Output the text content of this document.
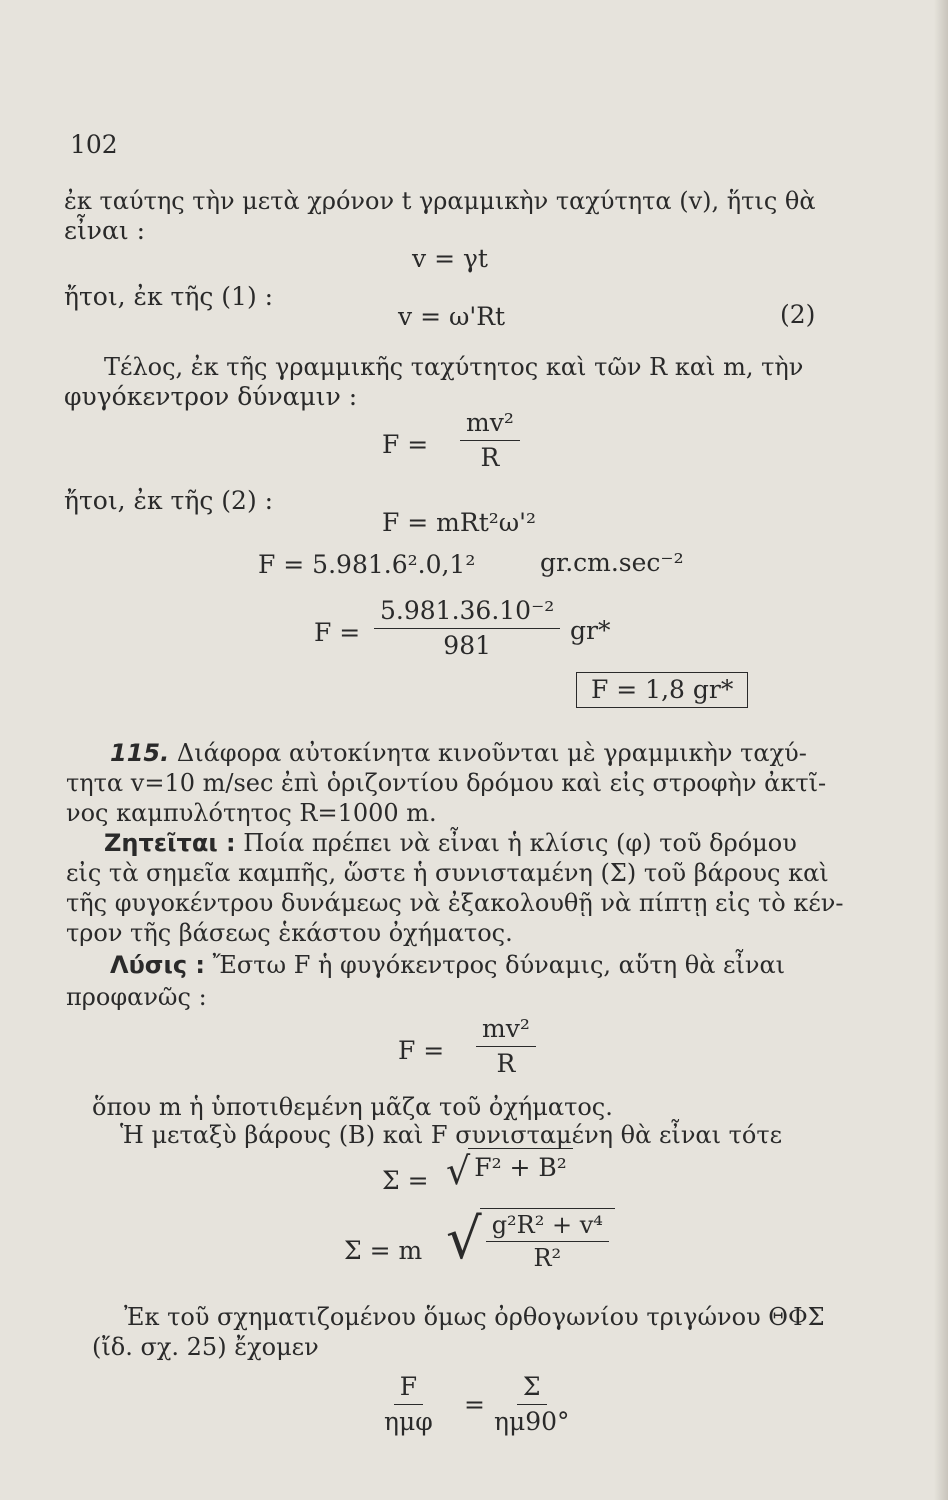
102
ἐκ ταύτης τὴν μετὰ χρόνον t γραμμικὴν ταχύτητα (v), ἥτις θὰ
εἶναι :
v = γt
ἤτοι, ἐκ τῆς (1) :
v = ω'Rt	(2)
Τέλος, ἐκ τῆς γραμμικῆς ταχύτητος καὶ τῶν R καὶ m, τὴν
φυγόκεντρον δύναμιν :
$F = \frac{\text{mv²}}{R}$
ἤτοι, ἐκ τῆς (2) :
F = mRt²ω'²
F = 5.981.6².0,1²	gr.cm.sec⁻²
$F = \frac{\text{5.981.36.10⁻²}}{981} gr*$
F = 1,8 gr*
115. Διάφορα αὐτοκίνητα κινοῦνται μὲ γραμμικὴν ταχύ-
τητα v=10 m/sec ἐπὶ ὁριζοντίου δρόμου καὶ εἰς στροφὴν ἀκτῖ-
νος καμπυλότητος R=1000 m.
Ζητεῖται : Ποία πρέπει νὰ εἶναι ἡ κλίσις (φ) τοῦ δρόμου
εἰς τὰ σημεῖα καμπῆς, ὥστε ἡ συνισταμένη (Σ) τοῦ βάρους καὶ
τῆς φυγοκέντρου δυνάμεως νὰ ἐξακολουθῇ νὰ πίπτῃ εἰς τὸ κέν-
τρον τῆς βάσεως ἑκάστου ὀχήματος.
Λύσις : Ἔστω F ἡ φυγόκεντρος δύναμις, αὕτη θὰ εἶναι
προφανῶς :
$F = \frac{\text{mv²}}{R}$
ὅπου m ἡ ὑποτιθεμένη μᾶζα τοῦ ὀχήματος.
Ἡ μεταξὺ βάρους (B) καὶ F συνισταμένη θὰ εἶναι τότε
Σ = √ F² + B²
Σ = m √
$\frac{\text{g²R² + v⁴}}{\text{R²}}$
Ἐκ τοῦ σχηματιζομένου ὅμως ὀρθογωνίου τριγώνου ΘΦΣ
(ἴδ. σχ. 25) ἔχομεν
F
ημφ
= $\frac{\Sigma}{\eta\mu 90^\circ}$
